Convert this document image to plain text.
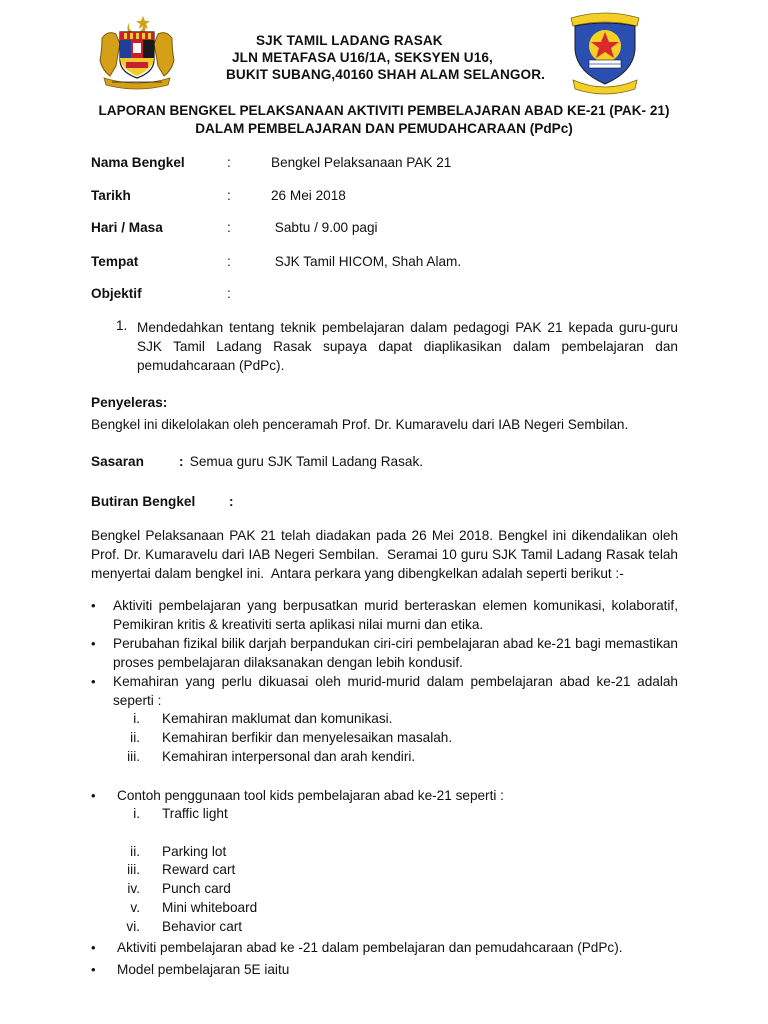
SJK TAMIL LADANG RASAK
JLN METAFASA U16/1A, SEKSYEN U16,
BUKIT SUBANG,40160 SHAH ALAM SELANGOR.
LAPORAN BENGKEL PELAKSANAAN AKTIVITI PEMBELAJARAN ABAD KE-21 (PAK- 21)
DALAM PEMBELAJARAN DAN PEMUDAHCARAAN (PdPc)
Nama Bengkel	:	Bengkel Pelaksanaan PAK 21
Tarikh	:	26 Mei 2018
Hari / Masa	:	Sabtu / 9.00 pagi
Tempat	:	SJK Tamil HICOM, Shah Alam.
Objektif	:
1. Mendedahkan tentang teknik pembelajaran dalam pedagogi PAK 21 kepada guru-guru SJK Tamil Ladang Rasak supaya dapat diaplikasikan dalam pembelajaran dan pemudahcaraan (PdPc).
Penyeleras:
Bengkel ini dikelolakan oleh penceramah Prof. Dr. Kumaravelu dari IAB Negeri Sembilan.
Sasaran	: Semua guru SJK Tamil Ladang Rasak.
Butiran Bengkel :
Bengkel Pelaksanaan PAK 21 telah diadakan pada 26 Mei 2018. Bengkel ini dikendalikan oleh Prof. Dr. Kumaravelu dari IAB Negeri Sembilan.  Seramai 10 guru SJK Tamil Ladang Rasak telah menyertai dalam bengkel ini.  Antara perkara yang dibengkelkan adalah seperti berikut :-
• Aktiviti pembelajaran yang berpusatkan murid berteraskan elemen komunikasi, kolaboratif, Pemikiran kritis & kreativiti serta aplikasi nilai murni dan etika.
• Perubahan fizikal bilik darjah berpandukan ciri-ciri pembelajaran abad ke-21 bagi memastikan proses pembelajaran dilaksanakan dengan lebih kondusif.
• Kemahiran yang perlu dikuasai oleh murid-murid dalam pembelajaran abad ke-21 adalah seperti :
i. Kemahiran maklumat dan komunikasi.
ii. Kemahiran berfikir dan menyelesaikan masalah.
iii. Kemahiran interpersonal dan arah kendiri.
• Contoh penggunaan tool kids pembelajaran abad ke-21 seperti :
i. Traffic light
ii. Parking lot
iii. Reward cart
iv. Punch card
v. Mini whiteboard
vi. Behavior cart
• Aktiviti pembelajaran abad ke -21 dalam pembelajaran dan pemudahcaraan (PdPc).
• Model pembelajaran 5E iaitu
